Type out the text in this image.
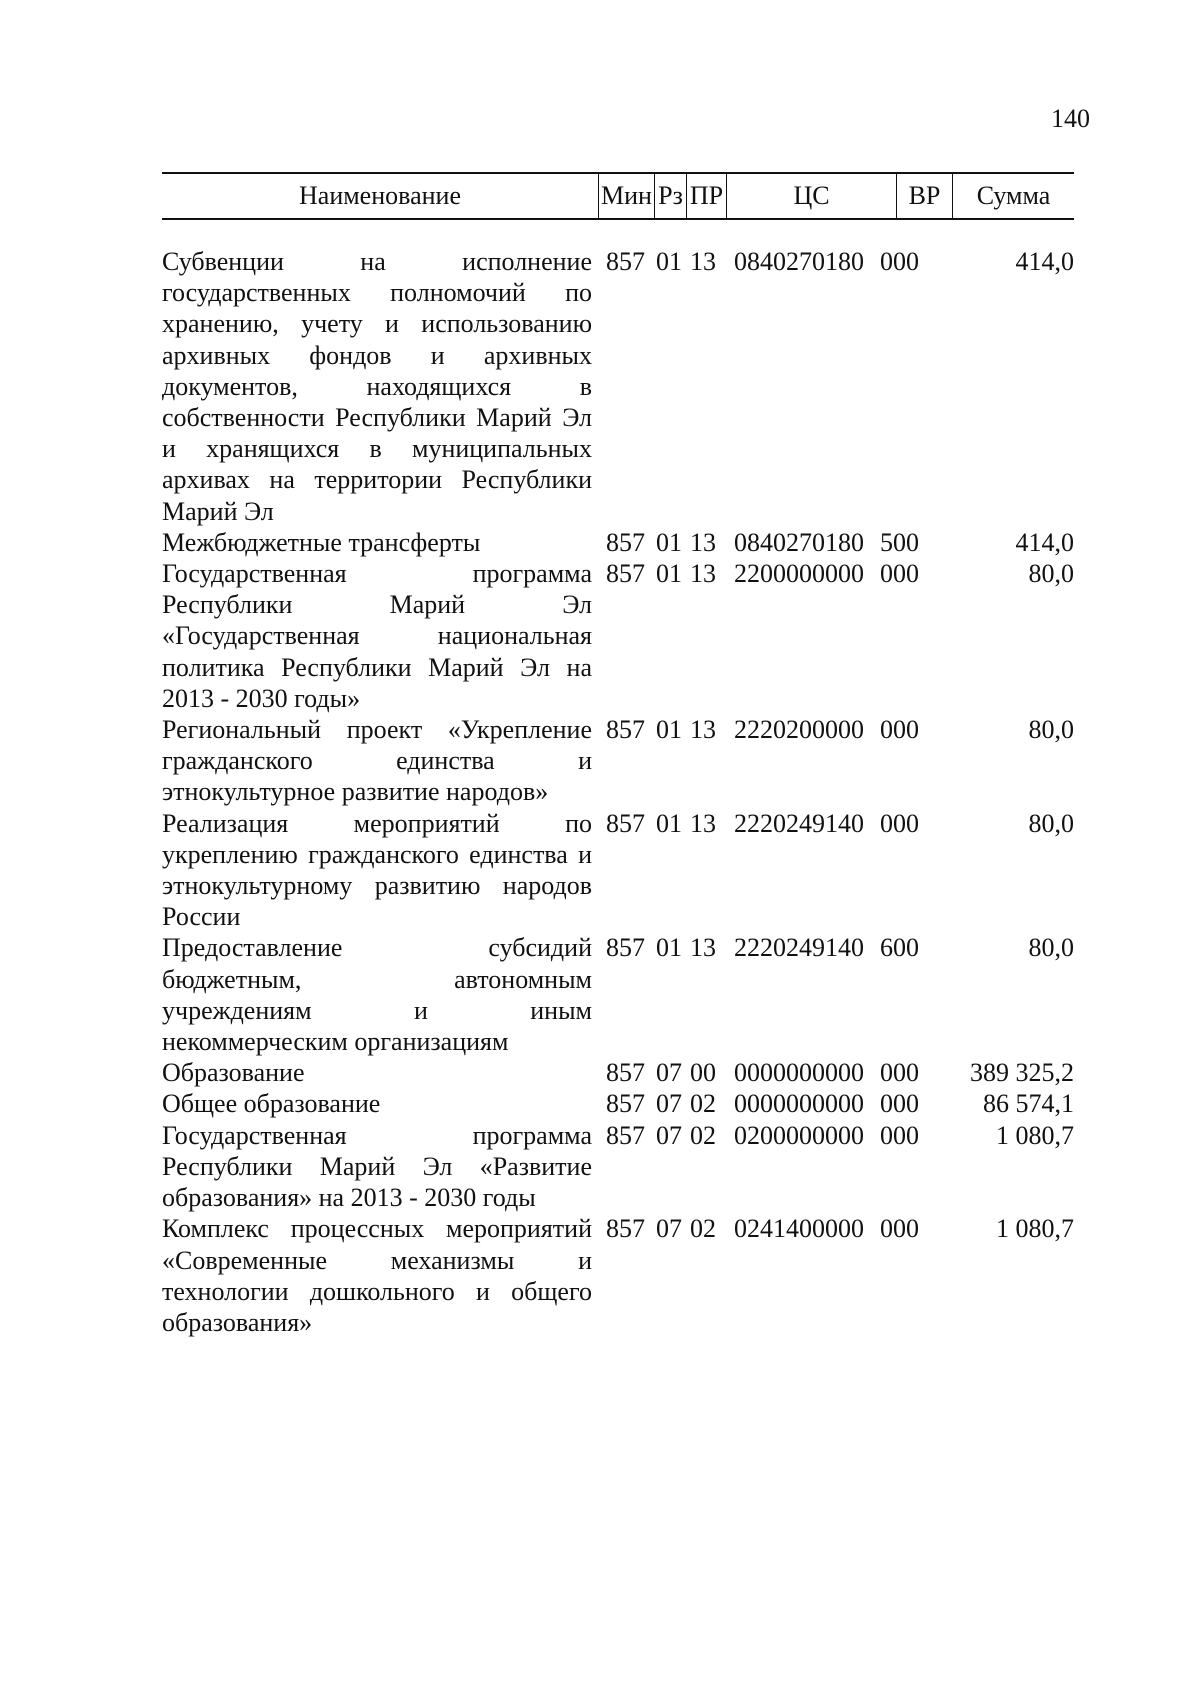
140
Наименование	Мин Рз ПР	ЦС	ВР	Сумма
Субвенции на исполнение государственных полномочий по хранению, учету и использованию архивных фондов и архивных документов, находящихся в собственности Республики Марий Эл и хранящихся в муниципальных архивах на территории Республики Марий Эл
857 01 13 0840270180 000	414,0
Межбюджетные трансферты	857 01 13 0840270180 500	414,0
Государственная программа Республики Марий Эл «Государственная национальная политика Республики Марий Эл на 2013 - 2030 годы»
857 01 13 2200000000 000	80,0
Региональный проект «Укрепление гражданского единства и этнокультурное развитие народов»
857 01 13 2220200000 000	80,0
Реализация мероприятий по укреплению гражданского единства и этнокультурному развитию народов России
857 01 13 2220249140 000	80,0
Предоставление субсидий бюджетным, автономным учреждениям и иным некоммерческим организациям
857 01 13 2220249140 600	80,0
Образование	857 07 00 0000000000 000	389 325,2
Общее образование	857 07 02 0000000000 000	86 574,1
Государственная программа Республики Марий Эл «Развитие образования» на 2013 - 2030 годы
857 07 02 0200000000 000	1 080,7
Комплекс процессных мероприятий «Современные механизмы и технологии дошкольного и общего образования»
857 07 02 0241400000 000	1 080,7
